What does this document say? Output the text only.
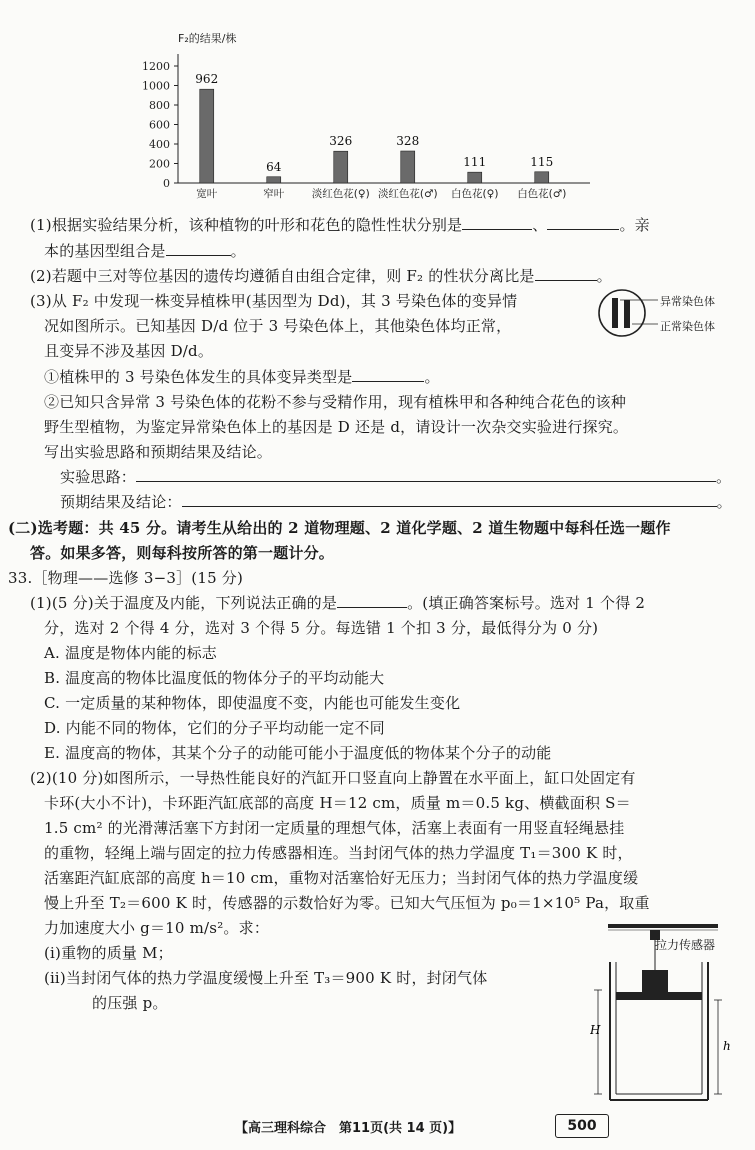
F₂的结果/株
0
200
400
600
800
1000
1200
962
宽叶
64
窄叶
326
淡红色花(♀)
328
淡红色花(♂)
111
白色花(♀)
115
白色花(♂)
(1)根据实验结果分析，该种植物的叶形和花色的隐性性状分别是	、	。亲
本的基因型组合是	。
(2)若题中三对等位基因的遗传均遵循自由组合定律，则 F₂ 的性状分离比是	。
(3)从 F₂ 中发现一株变异植株甲(基因型为 Dd)，其 3 号染色体的变异情
况如图所示。已知基因 D/d 位于 3 号染色体上，其他染色体均正常，
且变异不涉及基因 D/d。
①植株甲的 3 号染色体发生的具体变异类型是	。
②已知只含异常 3 号染色体的花粉不参与受精作用，现有植株甲和各种纯合花色的该种
野生型植物，为鉴定异常染色体上的基因是 D 还是 d，请设计一次杂交实验进行探究。
写出实验思路和预期结果及结论。
实验思路：	。
预期结果及结论：	。
(二)选考题：共 45 分。请考生从给出的 2 道物理题、2 道化学题、2 道生物题中每科任选一题作
答。如果多答，则每科按所答的第一题计分。
33.［物理——选修 3−3］(15 分)
(1)(5 分)关于温度及内能，下列说法正确的是	。(填正确答案标号。选对 1 个得 2
分，选对 2 个得 4 分，选对 3 个得 5 分。每选错 1 个扣 3 分，最低得分为 0 分)
A. 温度是物体内能的标志
B. 温度高的物体比温度低的物体分子的平均动能大
C. 一定质量的某种物体，即使温度不变，内能也可能发生变化
D. 内能不同的物体，它们的分子平均动能一定不同
E. 温度高的物体，其某个分子的动能可能小于温度低的物体某个分子的动能
(2)(10 分)如图所示，一导热性能良好的汽缸开口竖直向上静置在水平面上，缸口处固定有
卡环(大小不计)，卡环距汽缸底部的高度 H＝12 cm，质量 m＝0.5 kg、横截面积 S＝
1.5 cm² 的光滑薄活塞下方封闭一定质量的理想气体，活塞上表面有一用竖直轻绳悬挂
的重物，轻绳上端与固定的拉力传感器相连。当封闭气体的热力学温度 T₁＝300 K 时，
活塞距汽缸底部的高度 h＝10 cm，重物对活塞恰好无压力；当封闭气体的热力学温度缓
慢上升至 T₂＝600 K 时，传感器的示数恰好为零。已知大气压恒为 p₀＝1×10⁵ Pa，取重
力加速度大小 g＝10 m/s²。求：
(ⅰ)重物的质量 M；
(ⅱ)当封闭气体的热力学温度缓慢上升至 T₃＝900 K 时，封闭气体
的压强 p。
异常染色体
正常染色体
H
h
拉力传感器
【高三理科综合　第11页(共 14 页)】	500
